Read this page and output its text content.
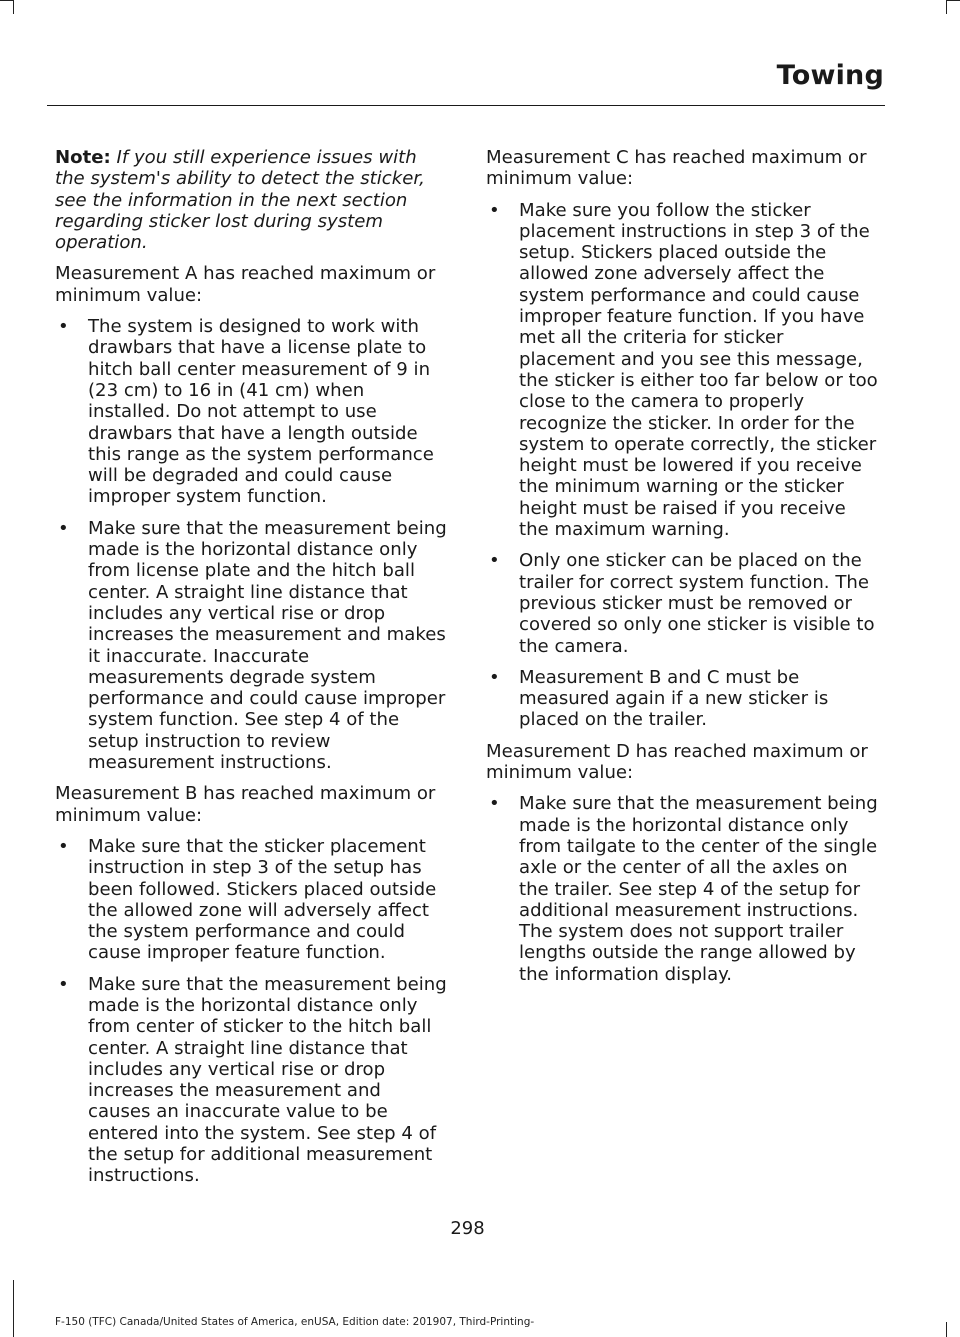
Towing

Note: If you still experience issues with the system's ability to detect the sticker, see the information in the next section regarding sticker lost during system operation.

Measurement A has reached maximum or minimum value:

• The system is designed to work with drawbars that have a license plate to hitch ball center measurement of 9 in (23 cm) to 16 in (41 cm) when installed. Do not attempt to use drawbars that have a length outside this range as the system performance will be degraded and could cause improper system function.
• Make sure that the measurement being made is the horizontal distance only from license plate and the hitch ball center. A straight line distance that includes any vertical rise or drop increases the measurement and makes it inaccurate. Inaccurate measurements degrade system performance and could cause improper system function. See step 4 of the setup instruction to review measurement instructions.

Measurement B has reached maximum or minimum value:

• Make sure that the sticker placement instruction in step 3 of the setup has been followed. Stickers placed outside the allowed zone will adversely affect the system performance and could cause improper feature function.
• Make sure that the measurement being made is the horizontal distance only from center of sticker to the hitch ball center. A straight line distance that includes any vertical rise or drop increases the measurement and causes an inaccurate value to be entered into the system. See step 4 of the setup for additional measurement instructions.

Measurement C has reached maximum or minimum value:

• Make sure you follow the sticker placement instructions in step 3 of the setup. Stickers placed outside the allowed zone adversely affect the system performance and could cause improper feature function. If you have met all the criteria for sticker placement and you see this message, the sticker is either too far below or too close to the camera to properly recognize the sticker. In order for the system to operate correctly, the sticker height must be lowered if you receive the minimum warning or the sticker height must be raised if you receive the maximum warning.
• Only one sticker can be placed on the trailer for correct system function. The previous sticker must be removed or covered so only one sticker is visible to the camera.
• Measurement B and C must be measured again if a new sticker is placed on the trailer.

Measurement D has reached maximum or minimum value:

• Make sure that the measurement being made is the horizontal distance only from tailgate to the center of the single axle or the center of all the axles on the trailer. See step 4 of the setup for additional measurement instructions. The system does not support trailer lengths outside the range allowed by the information display.
298
F-150 (TFC) Canada/United States of America, enUSA, Edition date: 201907, Third-Printing-
